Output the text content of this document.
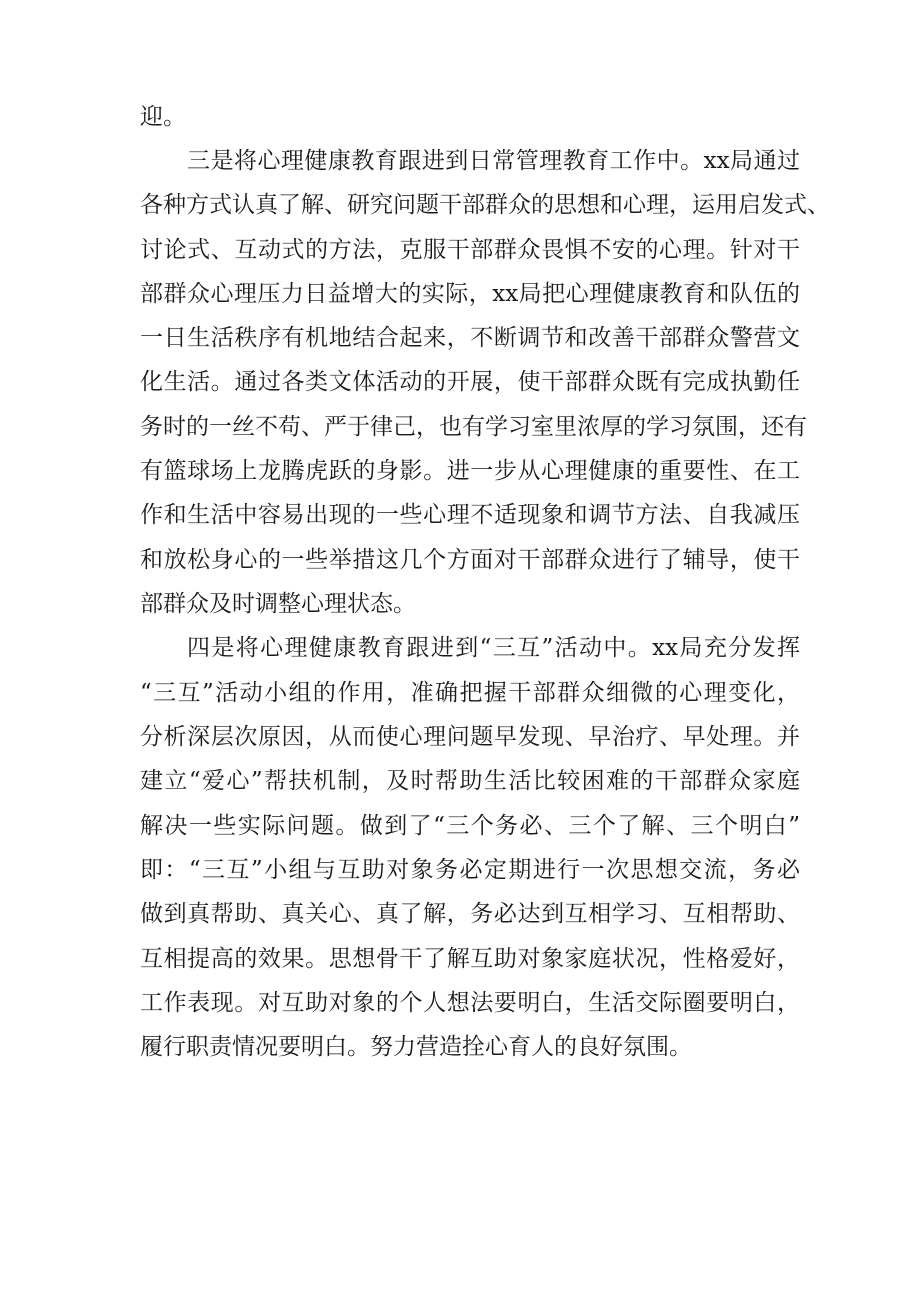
迎。
三是将心理健康教育跟进到日常管理教育工作中。xx局通过
各种方式认真了解、研究问题干部群众的思想和心理，运用启发式、
讨论式、互动式的方法，克服干部群众畏惧不安的心理。针对干
部群众心理压力日益增大的实际，xx局把心理健康教育和队伍的
一日生活秩序有机地结合起来，不断调节和改善干部群众警营文
化生活。通过各类文体活动的开展，使干部群众既有完成执勤任
务时的一丝不苟、严于律己，也有学习室里浓厚的学习氛围，还有
有篮球场上龙腾虎跃的身影。进一步从心理健康的重要性、在工
作和生活中容易出现的一些心理不适现象和调节方法、自我减压
和放松身心的一些举措这几个方面对干部群众进行了辅导，使干
部群众及时调整心理状态。
四是将心理健康教育跟进到“三互”活动中。xx局充分发挥
“三互”活动小组的作用，准确把握干部群众细微的心理变化，
分析深层次原因，从而使心理问题早发现、早治疗、早处理。并
建立“爱心”帮扶机制，及时帮助生活比较困难的干部群众家庭
解决一些实际问题。做到了“三个务必、三个了解、三个明白”
即：“三互”小组与互助对象务必定期进行一次思想交流，务必
做到真帮助、真关心、真了解，务必达到互相学习、互相帮助、
互相提高的效果。思想骨干了解互助对象家庭状况，性格爱好，
工作表现。对互助对象的个人想法要明白，生活交际圈要明白，
履行职责情况要明白。努力营造拴心育人的良好氛围。
